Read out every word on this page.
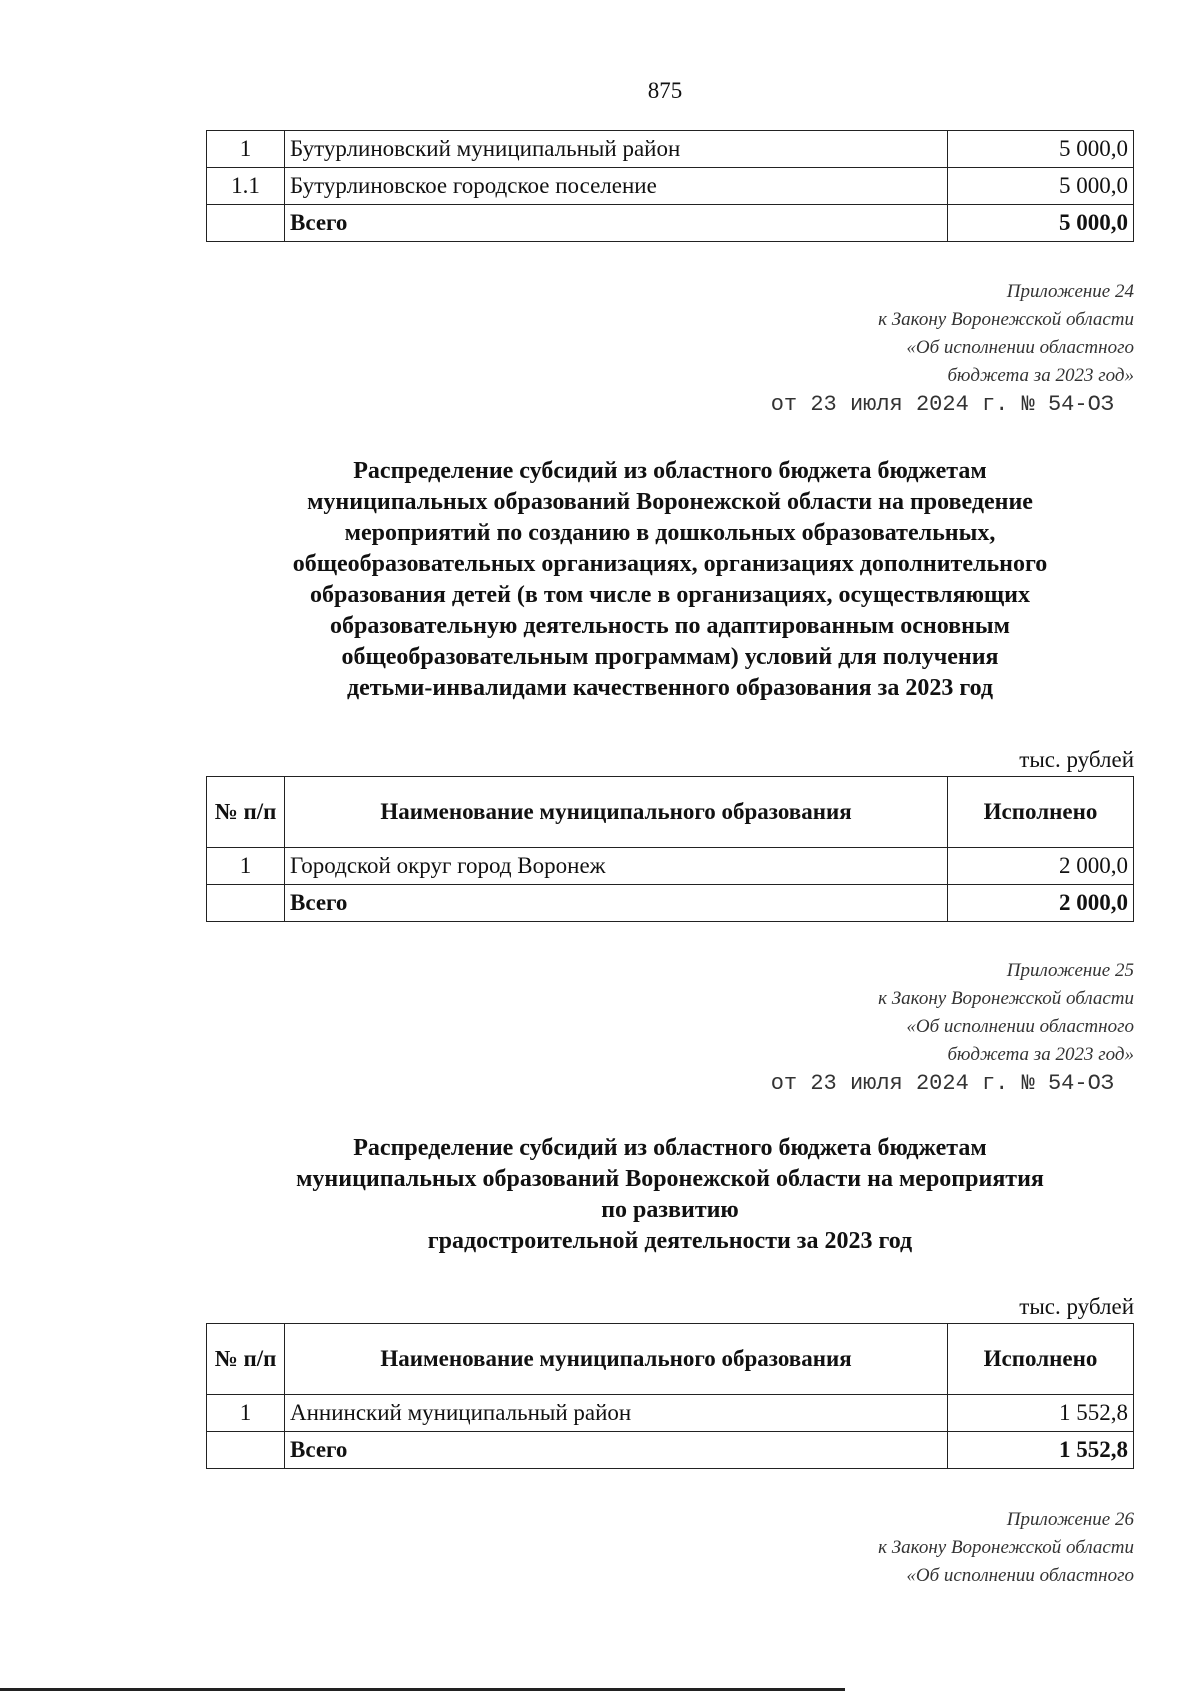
875
1	Бутурлиновский муниципальный район	5 000,0
1.1	Бутурлиновское городское поселение	5 000,0
	Всего	5 000,0
Приложение 24
к Закону Воронежской области
«Об исполнении областного
бюджета за 2023 год»
от 23 июля 2024 г. № 54-ОЗ
Распределение субсидий из областного бюджета бюджетам
муниципальных образований Воронежской области на проведение
мероприятий по созданию в дошкольных образовательных,
общеобразовательных организациях, организациях дополнительного
образования детей (в том числе в организациях, осуществляющих
образовательную деятельность по адаптированным основным
общеобразовательным программам) условий для получения
детьми-инвалидами качественного образования за 2023 год
тыс. рублей
№ п/п	Наименование муниципального образования	Исполнено
1	Городской округ город Воронеж	2 000,0
	Всего	2 000,0
Приложение 25
к Закону Воронежской области
«Об исполнении областного
бюджета за 2023 год»
от 23 июля 2024 г. № 54-ОЗ
Распределение субсидий из областного бюджета бюджетам
муниципальных образований Воронежской области на мероприятия
по развитию
градостроительной деятельности за 2023 год
тыс. рублей
№ п/п	Наименование муниципального образования	Исполнено
1	Аннинский муниципальный район	1 552,8
	Всего	1 552,8
Приложение 26
к Закону Воронежской области
«Об исполнении областного
